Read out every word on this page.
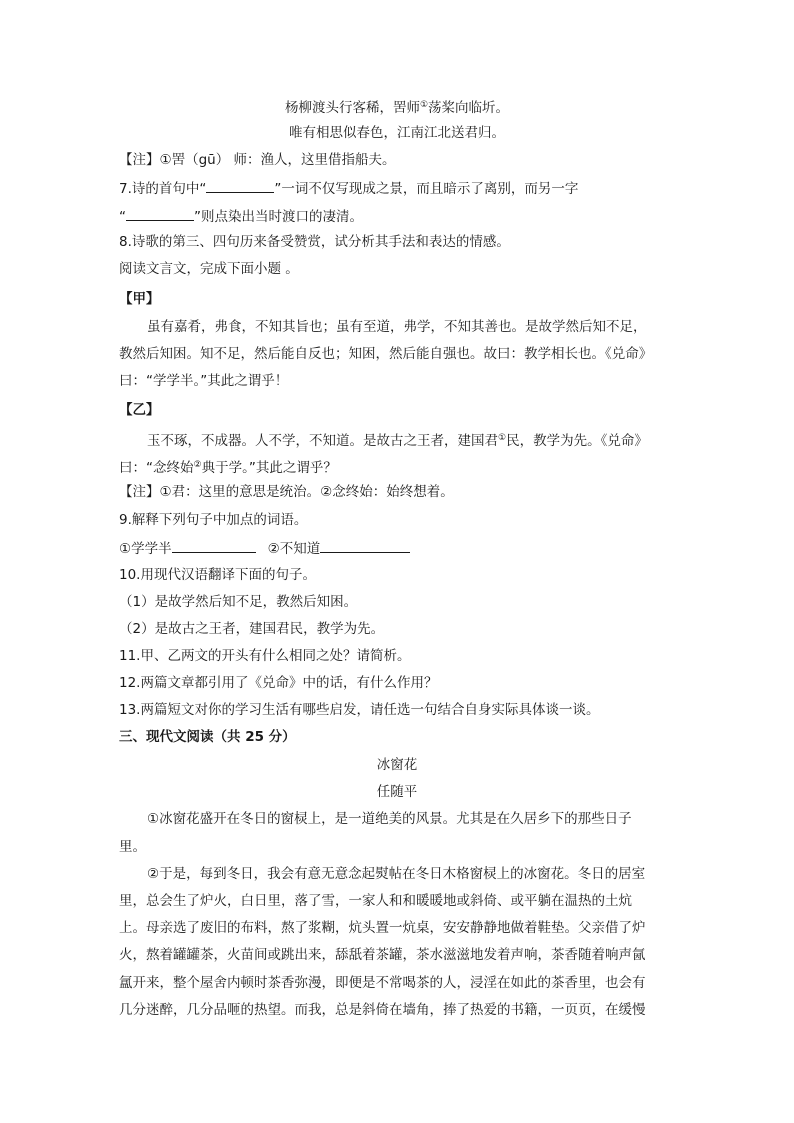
杨柳渡头行客稀，罟师①荡桨向临圻。
唯有相思似春色，江南江北送君归。
【注】①罟（gū） 师：渔人，这里借指船夫。
7.诗的首句中“	”一词不仅写现成之景，而且暗示了离别，而另一字
“	”则点染出当时渡口的凄清。
8.诗歌的第三、四句历来备受赞赏，试分析其手法和表达的情感。
阅读文言文，完成下面小题 。
【甲】
虽有嘉肴，弗食，不知其旨也；虽有至道，弗学，不知其善也。是故学然后知不足，
教然后知困。知不足，然后能自反也；知困，然后能自强也。故曰：教学相长也。《兑命》
曰：“学学半。”其此之谓乎！
【乙】
玉不琢，不成器。人不学，不知道。是故古之王者，建国君①民，教学为先。《兑命》
曰：“念终始②典于学。”其此之谓乎？
【注】①君：这里的意思是统治。②念终始：始终想着。
9.解释下列句子中加点的词语。
①学学半	②不知道
10.用现代汉语翻译下面的句子。
（1）是故学然后知不足，教然后知困。
（2）是故古之王者，建国君民，教学为先。
11.甲、乙两文的开头有什么相同之处？请简析。
12.两篇文章都引用了《兑命》中的话，有什么作用？
13.两篇短文对你的学习生活有哪些启发，请任选一句结合自身实际具体谈一谈。
三、现代文阅读（共 25 分）
冰窗花
任随平
①冰窗花盛开在冬日的窗棂上，是一道绝美的风景。尤其是在久居乡下的那些日子
里。
②于是，每到冬日，我会有意无意念起熨帖在冬日木格窗棂上的冰窗花。冬日的居室
里，总会生了炉火，白日里，落了雪，一家人和和暖暖地或斜倚、或平躺在温热的土炕
上。母亲选了废旧的布料，熬了浆糊，炕头置一炕桌，安安静静地做着鞋垫。父亲借了炉
火，熬着罐罐茶，火苗间或跳出来，舔舐着茶罐，茶水滋滋地发着声响，茶香随着响声氤
氲开来，整个屋舍内顿时茶香弥漫，即便是不常喝茶的人，浸淫在如此的茶香里，也会有
几分迷醉，几分品咂的热望。而我，总是斜倚在墙角，捧了热爱的书籍，一页页，在缓慢
